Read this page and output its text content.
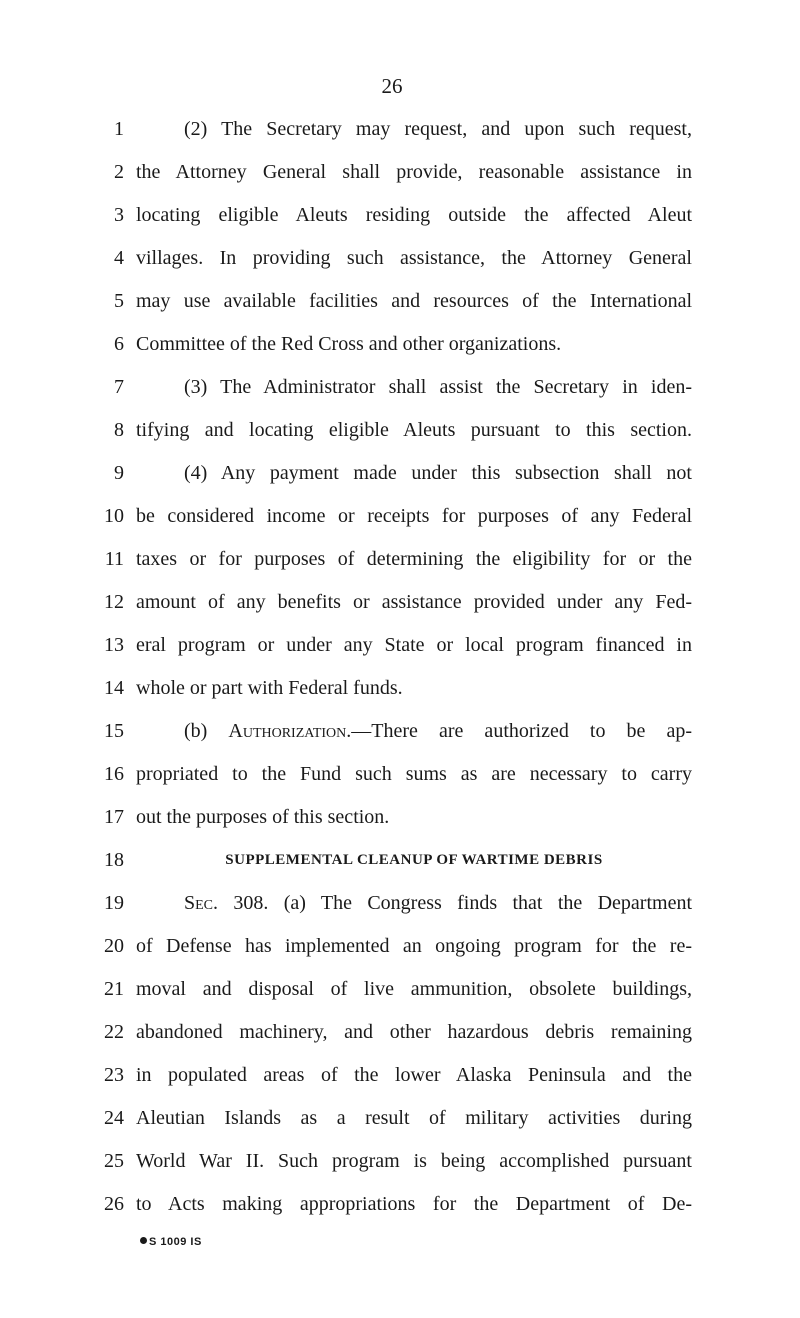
26
1	(2) The Secretary may request, and upon such request,
2 the Attorney General shall provide, reasonable assistance in
3 locating eligible Aleuts residing outside the affected Aleut
4 villages. In providing such assistance, the Attorney General
5 may use available facilities and resources of the International
6 Committee of the Red Cross and other organizations.
7	(3) The Administrator shall assist the Secretary in iden-
8 tifying and locating eligible Aleuts pursuant to this section.
9	(4) Any payment made under this subsection shall not
10 be considered income or receipts for purposes of any Federal
11 taxes or for purposes of determining the eligibility for or the
12 amount of any benefits or assistance provided under any Fed-
13 eral program or under any State or local program financed in
14 whole or part with Federal funds.
15	(b) Authorization.—There are authorized to be ap-
16 propriated to the Fund such sums as are necessary to carry
17 out the purposes of this section.
18	SUPPLEMENTAL CLEANUP OF WARTIME DEBRIS
19	Sec. 308. (a) The Congress finds that the Department
20 of Defense has implemented an ongoing program for the re-
21 moval and disposal of live ammunition, obsolete buildings,
22 abandoned machinery, and other hazardous debris remaining
23 in populated areas of the lower Alaska Peninsula and the
24 Aleutian Islands as a result of military activities during
25 World War II. Such program is being accomplished pursuant
26 to Acts making appropriations for the Department of De-
S 1009 IS
